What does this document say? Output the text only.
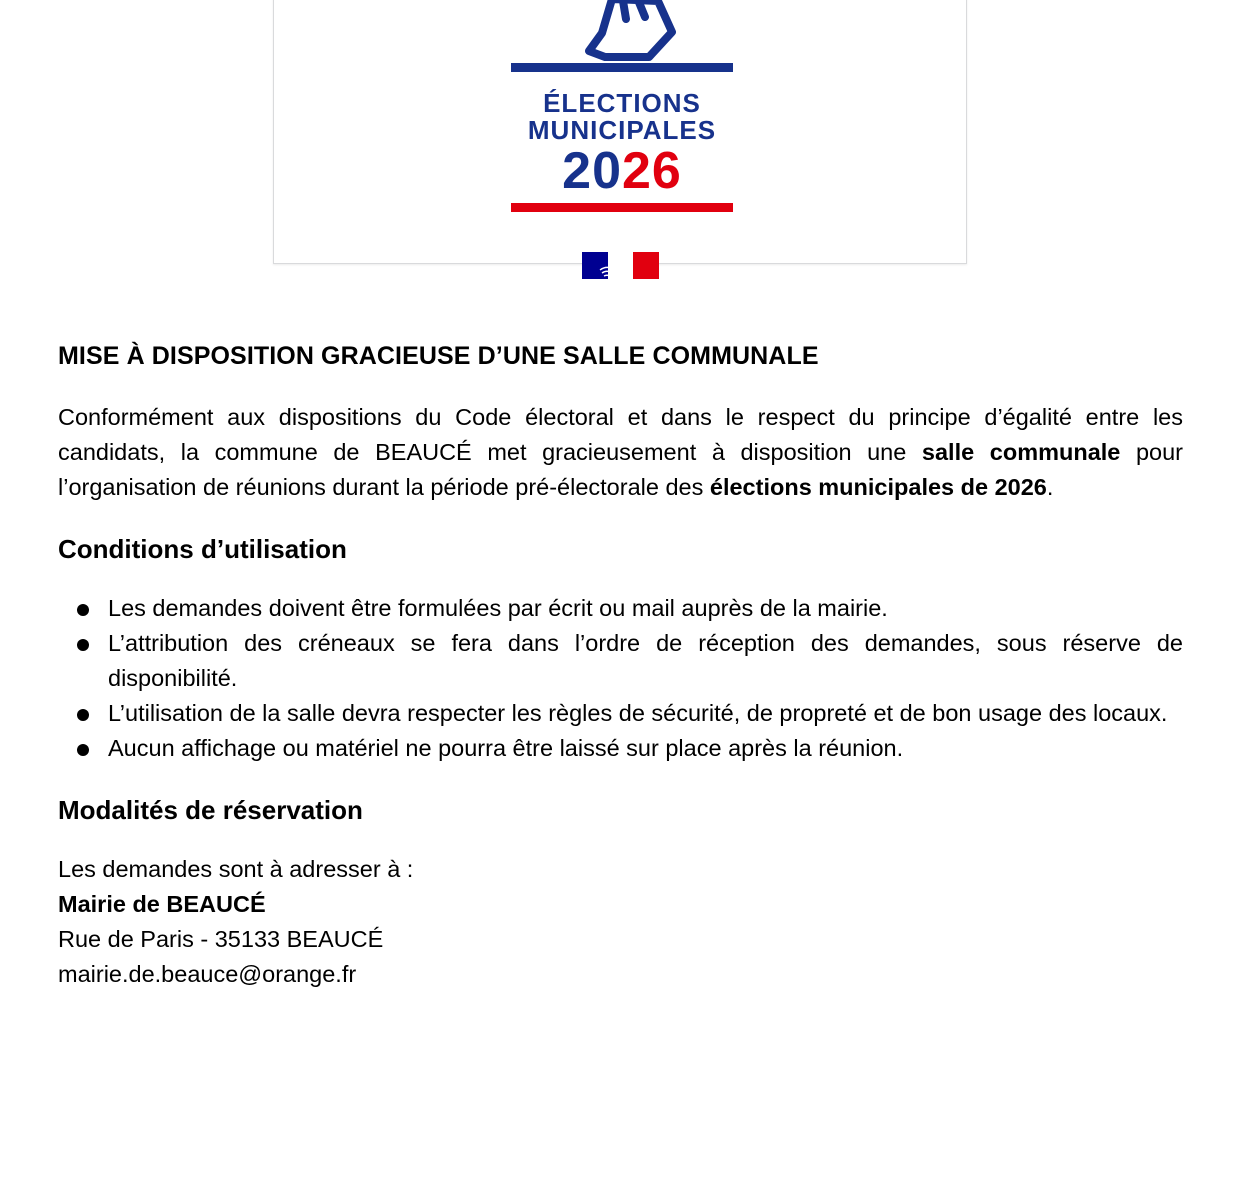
ÉLECTIONS
MUNICIPALES
2026
MISE À DISPOSITION GRACIEUSE D’UNE SALLE COMMUNALE

Conformément aux dispositions du Code électoral et dans le respect du principe d’égalité entre les candidats, la commune de BEAUCÉ met gracieusement à disposition une salle communale pour l’organisation de réunions durant la période pré-électorale des élections municipales de 2026.

Conditions d’utilisation
Les demandes doivent être formulées par écrit ou mail auprès de la mairie.
L’attribution des créneaux se fera dans l’ordre de réception des demandes, sous réserve de disponibilité.
L’utilisation de la salle devra respecter les règles de sécurité, de propreté et de bon usage des locaux.
Aucun affichage ou matériel ne pourra être laissé sur place après la réunion.
Modalités de réservation

Les demandes sont à adresser à :
Mairie de BEAUCÉ
Rue de Paris - 35133 BEAUCÉ
mairie.de.beauce@orange.fr
